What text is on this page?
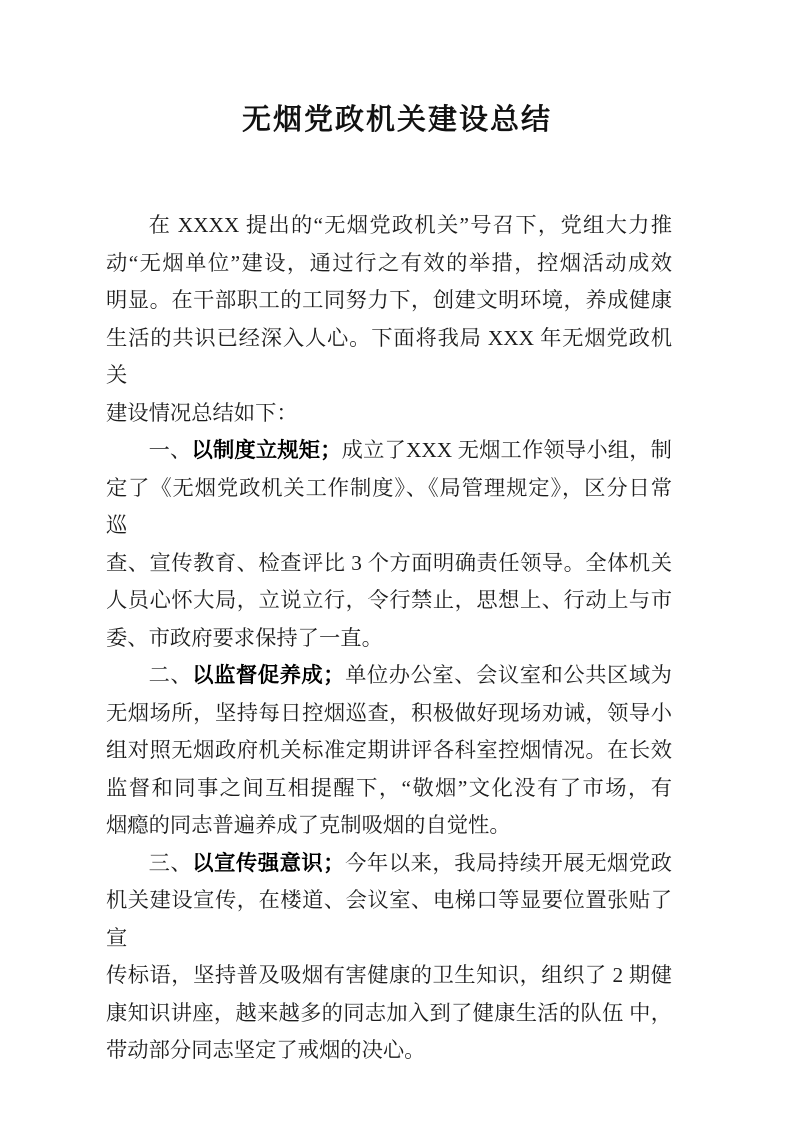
无烟党政机关建设总结
在 XXXX 提出的“无烟党政机关”号召下，党组大力推
动“无烟单位”建设，通过行之有效的举措，控烟活动成效
明显。在干部职工的工同努力下，创建文明环境，养成健康
生活的共识已经深入人心。下面将我局 XXX 年无烟党政机关
建设情况总结如下：
一、以制度立规矩；成立了XXX 无烟工作领导小组，制
定了《无烟党政机关工作制度》、《局管理规定》，区分日常 巡
查、宣传教育、检查评比 3 个方面明确责任领导。全体机关
人员心怀大局，立说立行，令行禁止，思想上、行动上与市
委、市政府要求保持了一直。
二、以监督促养成；单位办公室、会议室和公共区域为
无烟场所，坚持每日控烟巡查，积极做好现场劝诫，领导小
组对照无烟政府机关标准定期讲评各科室控烟情况。在长效
监督和同事之间互相提醒下，“敬烟”文化没有了市场，有
烟瘾的同志普遍养成了克制吸烟的自觉性。
三、以宣传强意识；今年以来，我局持续开展无烟党政
机关建设宣传，在楼道、会议室、电梯口等显要位置张贴了 宣
传标语，坚持普及吸烟有害健康的卫生知识，组织了 2 期健
康知识讲座，越来越多的同志加入到了健康生活的队伍 中，
带动部分同志坚定了戒烟的决心。
